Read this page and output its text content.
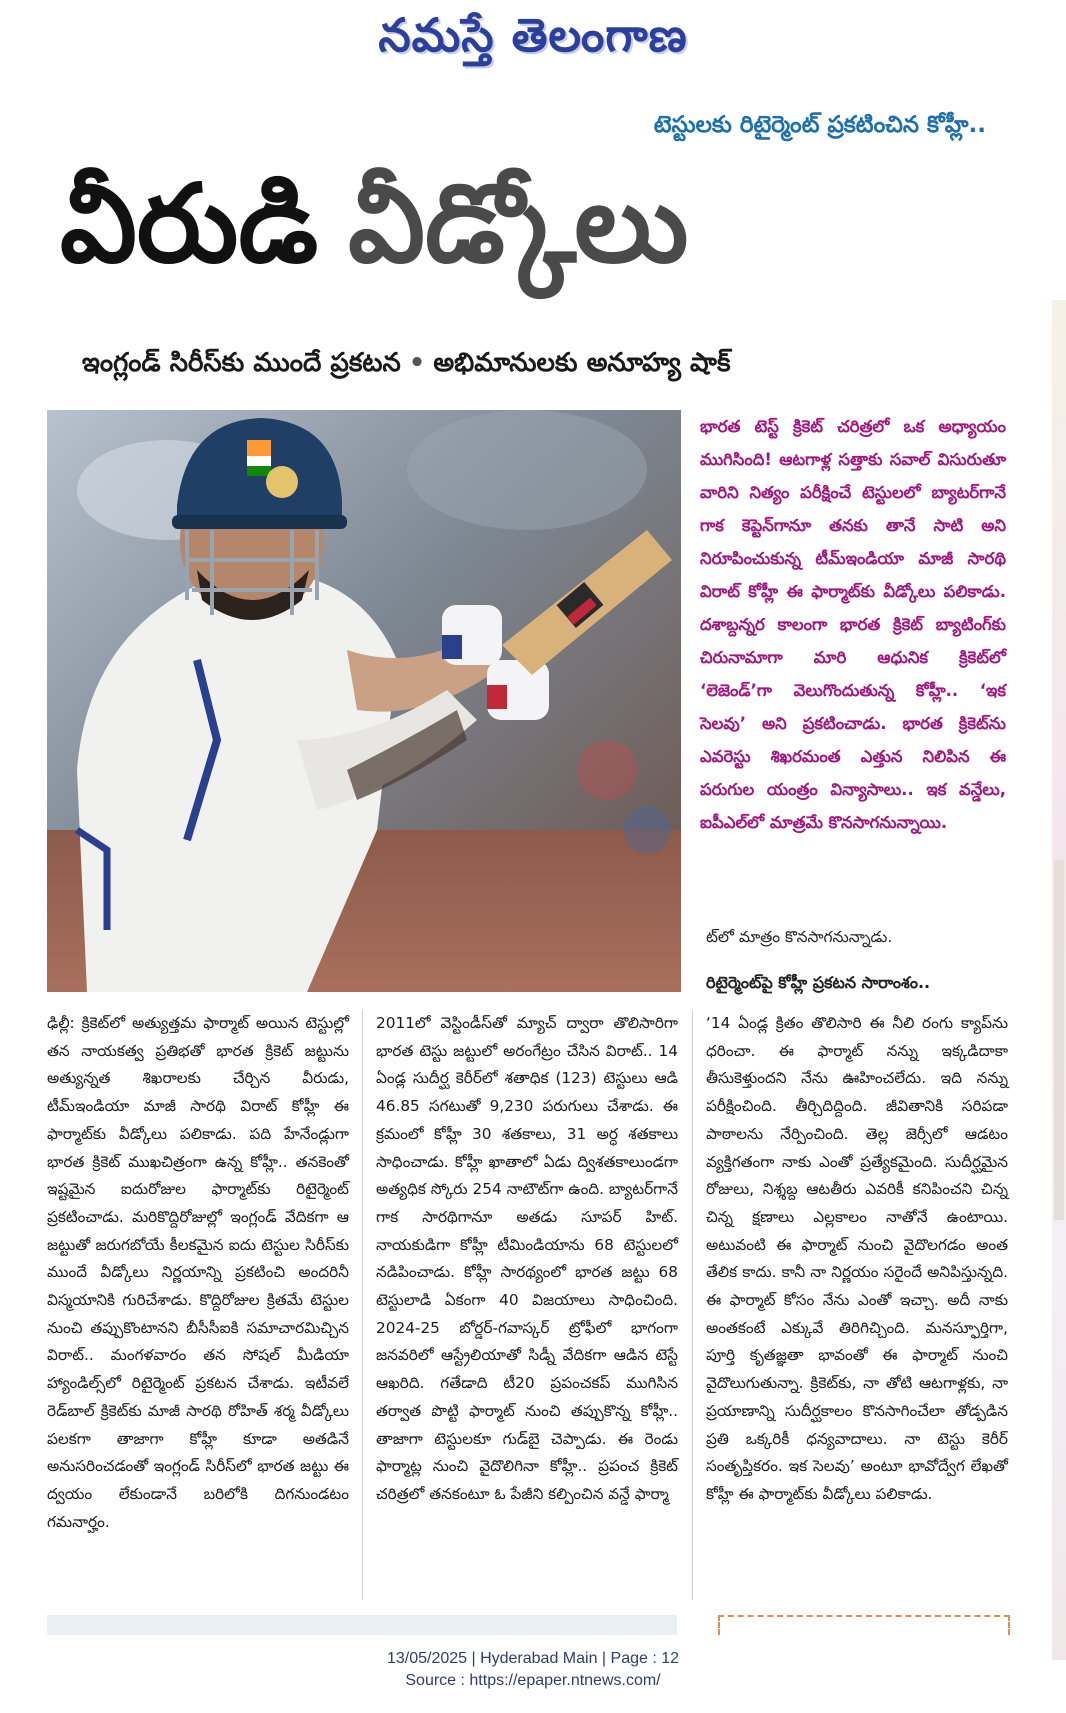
నమస్తే తెలంగాణ
టెస్టులకు రిటైర్మెంట్ ప్రకటించిన కోహ్లీ..
వీరుడి వీడ్కోలు
ఇంగ్లండ్ సిరీస్‌కు ముందే ప్రకటన • అభిమానులకు అనూహ్య షాక్
భారత టెస్ట్ క్రికెట్ చరిత్రలో ఒక అధ్యాయం ముగిసింది! ఆటగాళ్ల సత్తాకు సవాల్ విసురుతూ వారిని నిత్యం పరీక్షించే టెస్టులలో బ్యాటర్‌గానే గాక కెప్టెన్‌గానూ తనకు తానే సాటి అని నిరూపించుకున్న టీమ్ఇండియా మాజీ సారథి విరాట్ కోహ్లీ ఈ ఫార్మాట్‌కు వీడ్కోలు పలికాడు. దశాబ్దన్నర కాలంగా భారత క్రికెట్ బ్యాటింగ్‌కు చిరునామాగా మారి ఆధునిక క్రికెట్‌లో ‘లెజెండ్’గా వెలుగొందుతున్న కోహ్లీ.. ‘ఇక సెలవు’ అని ప్రకటించాడు. భారత క్రికెట్‌ను ఎవరెస్టు శిఖరమంత ఎత్తున నిలిపిన ఈ పరుగుల యంత్రం విన్యాసాలు.. ఇక వన్డేలు, ఐపీఎల్‌లో మాత్రమే కొనసాగనున్నాయి.
ట్‌లో మాత్రం కొనసాగనున్నాడు.
రిటైర్మెంట్‌పై కోహ్లీ ప్రకటన సారాంశం..

ఢిల్లీ: క్రికెట్‌లో అత్యుత్తమ ఫార్మాట్ అయిన టెస్టుల్లో తన నాయకత్వ ప్రతిభతో భారత క్రికెట్ జట్టును అత్యున్నత శిఖరాలకు చేర్చిన వీరుడు, టీమ్ఇండియా మాజీ సారథి విరాట్ కోహ్లీ ఈ ఫార్మాట్‌కు వీడ్కోలు పలికాడు. పది హేనేండ్లుగా భారత క్రికెట్ ముఖచిత్రంగా ఉన్న కోహ్లీ.. తనకెంతో ఇష్టమైన ఐదురోజుల ఫార్మాట్‌కు రిటైర్మెంట్ ప్రకటించాడు. మరికొద్దిరోజుల్లో ఇంగ్లండ్ వేదికగా ఆ జట్టుతో జరుగబోయే కీలకమైన ఐదు టెస్టుల సిరీస్‌కు ముందే వీడ్కోలు నిర్ణయాన్ని ప్రకటించి అందరినీ విస్మయానికి గురిచేశాడు. కొద్దిరోజుల క్రితమే టెస్టుల నుంచి తప్పుకొంటానని బీసీసీఐకి సమాచారమిచ్చిన విరాట్.. మంగళవారం తన సోషల్ మీడియా హ్యాండిల్స్‌లో రిటైర్మెంట్ ప్రకటన చేశాడు. ఇటీవలే రెడ్‌బాల్ క్రికెట్‌కు మాజీ సారథి రోహిత్ శర్మ వీడ్కోలు పలకగా తాజాగా కోహ్లీ కూడా అతడినే అనుసరించడంతో ఇంగ్లండ్ సిరీస్‌లో భారత జట్టు ఈ ద్వయం లేకుండానే బరిలోకి దిగనుండటం గమనార్హం.

2011లో వెస్టిండీస్‌తో మ్యాచ్ ద్వారా తొలిసారిగా భారత టెస్టు జట్టులో అరంగేట్రం చేసిన విరాట్.. 14 ఏండ్ల సుదీర్ఘ కెరీర్‌లో శతాధిక (123) టెస్టులు ఆడి 46.85 సగటుతో 9,230 పరుగులు చేశాడు. ఈ క్రమంలో కోహ్లీ 30 శతకాలు, 31 అర్ధ శతకాలు సాధించాడు. కోహ్లీ ఖాతాలో ఏడు ద్విశతకాలుండగా అత్యధిక స్కోరు 254 నాటౌట్‌గా ఉంది. బ్యాటర్‌గానే గాక సారథిగానూ అతడు సూపర్ హిట్. నాయకుడిగా కోహ్లీ టీమిండియాను 68 టెస్టులలో నడిపించాడు. కోహ్లీ సారథ్యంలో భారత జట్టు 68 టెస్టులాడి ఏకంగా 40 విజయాలు సాధించింది. 2024-25 బోర్డర్-గవాస్కర్ ట్రోఫీలో భాగంగా జనవరిలో ఆస్ట్రేలియాతో సిడ్నీ వేదికగా ఆడిన టెస్టే ఆఖరిది. గతేడాది టీ20 ప్రపంచకప్ ముగిసిన తర్వాత పొట్టి ఫార్మాట్ నుంచి తప్పుకొన్న కోహ్లీ.. తాజాగా టెస్టులకూ గుడ్‌బై చెప్పాడు. ఈ రెండు ఫార్మాట్ల నుంచి వైదొలిగినా కోహ్లీ.. ప్రపంచ క్రికెట్ చరిత్రలో తనకంటూ ఓ పేజీని కల్పించిన వన్డే ఫార్మా

‘14 ఏండ్ల క్రితం తొలిసారి ఈ నీలి రంగు క్యాప్‌ను ధరించా. ఈ ఫార్మాట్ నన్ను ఇక్కడిదాకా తీసుకెళ్తుందని నేను ఊహించలేదు. ఇది నన్ను పరీక్షించింది. తీర్చిదిద్దింది. జీవితానికి సరిపడా పాఠాలను నేర్పించింది. తెల్ల జెర్సీలో ఆడటం వ్యక్తిగతంగా నాకు ఎంతో ప్రత్యేకమైంది. సుదీర్ఘమైన రోజులు, నిశ్శబ్ద ఆటతీరు ఎవరికీ కనిపించని చిన్న చిన్న క్షణాలు ఎల్లకాలం నాతోనే ఉంటాయి. అటువంటి ఈ ఫార్మాట్ నుంచి వైదొలగడం అంత తేలిక కాదు. కానీ నా నిర్ణయం సరైందే అనిపిస్తున్నది. ఈ ఫార్మాట్ కోసం నేను ఎంతో ఇచ్చా. అదీ నాకు అంతకంటే ఎక్కువే తిరిగిచ్చింది. మనస్ఫూర్తిగా, పూర్తి కృతజ్ఞతా భావంతో ఈ ఫార్మాట్ నుంచి వైదొలుగుతున్నా. క్రికెట్‌కు, నా తోటి ఆటగాళ్లకు, నా ప్రయాణాన్ని సుదీర్ఘకాలం కొనసాగించేలా తోడ్పడిన ప్రతి ఒక్కరికీ ధన్యవాదాలు. నా టెస్టు కెరీర్ సంతృప్తికరం. ఇక సెలవు’ అంటూ భావోద్వేగ లేఖతో కోహ్లీ ఈ ఫార్మాట్‌కు వీడ్కోలు పలికాడు.

13/05/2025 | Hyderabad Main | Page : 12
Source : https://epaper.ntnews.com/
